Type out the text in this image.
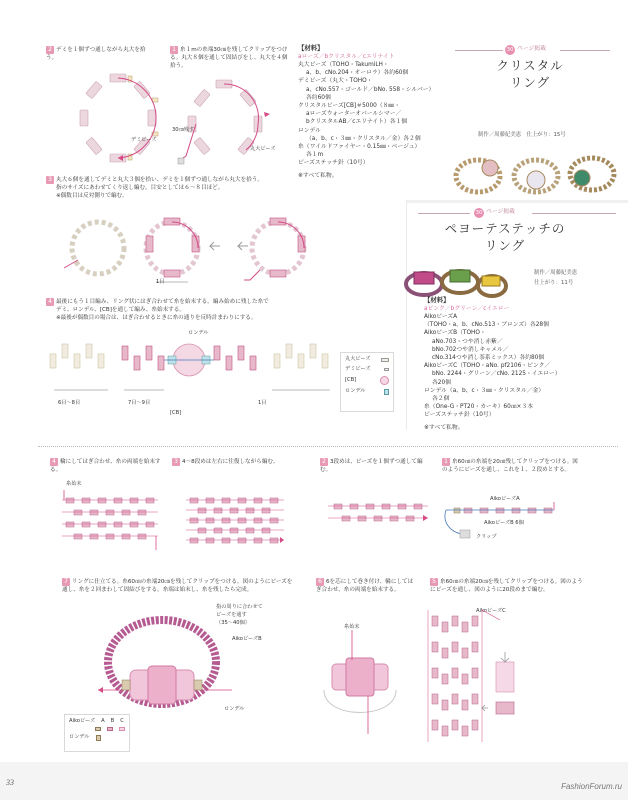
2 デミを１個ずつ通しながら丸大を拾う。
1 糸１mの糸端30㎝を残してクリップをつける。丸大８個を通して固結びをし、丸大を４個拾う。
デミビーズ
30㎝残す
丸大ビーズ
3 丸大６個を通してデミと丸大３個を拾い、デミを１個ずつ通しながら丸大を拾う。
指のサイズにあわせてくり返し編む。目安としては６〜８目ほど。
※偶数目は反対側りで編む。
1目
4 最後にもう１目編み、リング状にはぎ合わせて糸を始末する。編み始めに残した糸で
デミ、ロンデル、[CB]を通して編み、糸始末する。
※最後が偶数目の場合は、はぎ合わせるときに糸の通りを反時計まわりにする。
ロンデル
[CB]
6目〜8目	7目〜9目	1目
丸大ビーズ
デミビーズ
[CB]
ロンデル
【材料】
aローズ／bクリスタル／cエリナイト
丸大ビーズ（TOHO・TakumiLH・
a、b、cNo.204・オーロラ）各約60個
デミビーズ（丸大・TOHO・
a、cNo.557・ゴールド／bNo. 558・シルバー）
各約60個
クリスタルビーズ[CB]＃5000（８㎜・
aローズウォーターオパールシマー／
bクリスタルAB／cエリナイト）各１個
ロンデル
（a、b、c・３㎜・クリスタル／金）各２個
糸（ワイルドファイヤー・0.15㎜・ベージュ）
各１m
ビーズステッチ針（10号）
※すべて私物。
30 ページ掲載
クリスタル
リング
制作／周藤紀美恵　仕上がり：15号
30 ページ掲載
ペヨーテステッチの
リング
制作／周藤紀美恵
仕上がり：11号
【材料】
aピンク／bグリーン／cイエロー
AikoビーズA
（TOHO・a、b、cNo.513・ブロンズ）各28個
AikoビーズB（TOHO・
aNo.703・つや消し赤紫／
bNo.702つや消しキャメル／
cNo.314つや消し茶系ミックス）各約80個
AikoビーズC（TOHO・aNo. pf2106・ピンク／
bNo. 2244・グリーン／cNo. 2125・イエロー）
各20個
ロンデル（a、b、c・３㎜・クリスタル／金）
各２個
糸（One-G・PT20・カーキ）60㎝×３本
ビーズステッチ針（10号）
※すべて私物。
4 輪にしてはぎ合わせ、糸の両端を始末する。
糸始末
3 4〜8段めは左右に往復しながら編む。	2 3段めは、ビーズを１個ずつ通して編む。
1 糸60㎝の糸端を20㎝残してクリップをつける。図のようにビーズを通し、これを１、２段めとする。
AikoビーズA
AikoビーズB 6個
クリップ
7 リングに仕立てる。糸60㎝の糸端20㎝を残してクリップをつける。図のようにビーズを通し、糸を２回まわして固結びをする。糸端は始末し、糸を残したら完成。
指の周りに合わせて
ビーズを通す
（35〜40個）
AikoビーズB
ロンデル
Aikoビーズ A B C
ロンデル
6 6を芯にして巻き付け、輪にしてはぎ合わせ、糸の両端を始末する。
糸始末
5 糸60㎝の糸端20㎝を残してクリップをつける。図のようにビーズを通し、図のように20段めまで編む。
AikoビーズC
33	FashionForum.ru
